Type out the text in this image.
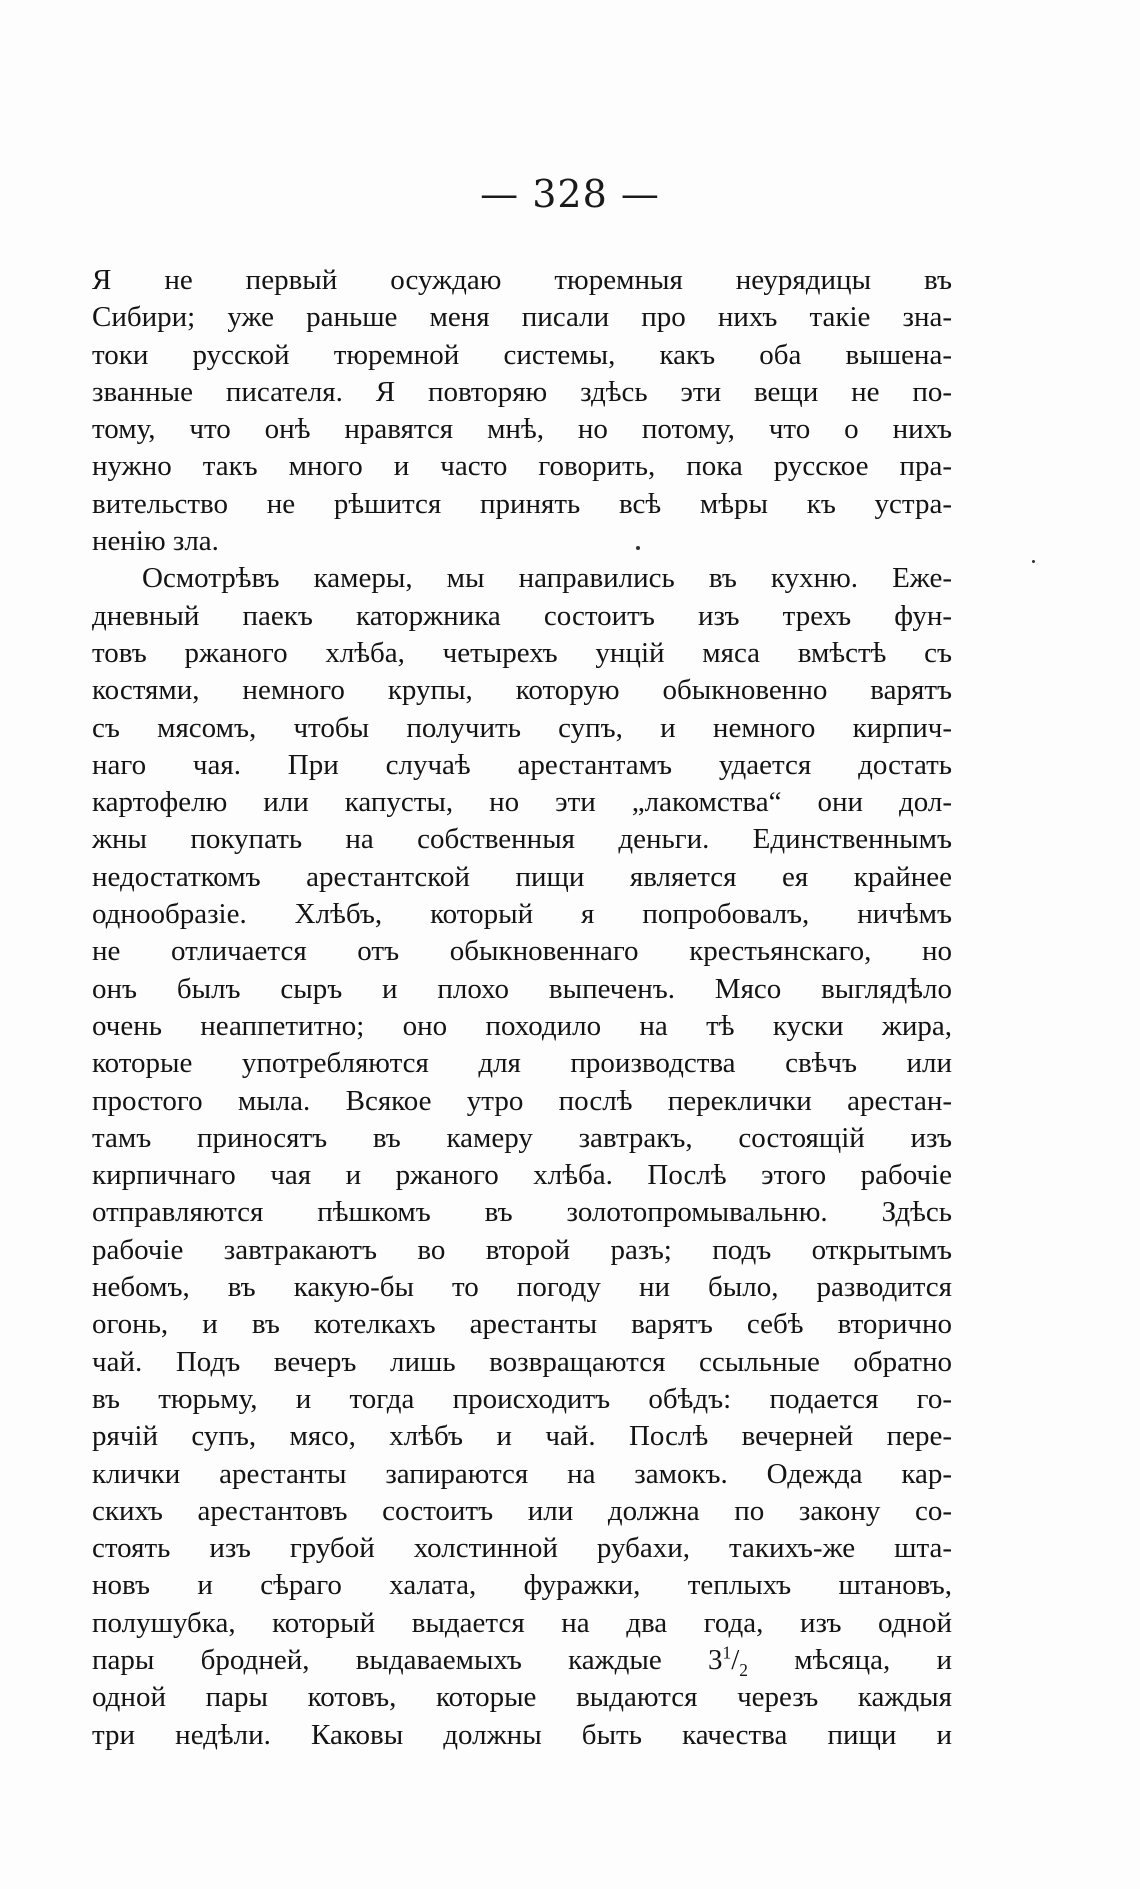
— 328 —
Я не первый осуждаю тюремныя неурядицы въ
Сибири; уже раньше меня писали про нихъ такіе зна-
токи русской тюремной системы, какъ оба вышена-
званные писателя. Я повторяю здѣсь эти вещи не по-
тому, что онѣ нравятся мнѣ, но потому, что о нихъ
нужно такъ много и часто говорить, пока русское пра-
вительство не рѣшится принять всѣ мѣры къ устра-
ненію зла.
Осмотрѣвъ камеры, мы направились въ кухню. Еже-
дневный паекъ каторжника состоитъ изъ трехъ фун-
товъ ржаного хлѣба, четырехъ унцій мяса вмѣстѣ съ
костями, немного крупы, которую обыкновенно варятъ
съ мясомъ, чтобы получить супъ, и немного кирпич-
наго чая. При случаѣ арестантамъ удается достать
картофелю или капусты, но эти „лакомства“ они дол-
жны покупать на собственныя деньги. Единственнымъ
недостаткомъ арестантской пищи является ея крайнее
однообразіе. Хлѣбъ, который я попробовалъ, ничѣмъ
не отличается отъ обыкновеннаго крестьянскаго, но
онъ былъ сыръ и плохо выпеченъ. Мясо выглядѣло
очень неаппетитно; оно походило на тѣ куски жира,
которые употребляются для производства свѣчъ или
простого мыла. Всякое утро послѣ переклички арестан-
тамъ приносятъ въ камеру завтракъ, состоящій изъ
кирпичнаго чая и ржаного хлѣба. Послѣ этого рабочіе
отправляются пѣшкомъ въ золотопромывальню. Здѣсь
рабочіе завтракаютъ во второй разъ; подъ открытымъ
небомъ, въ какую-бы то погоду ни было, разводится
огонь, и въ котелкахъ арестанты варятъ себѣ вторично
чай. Подъ вечеръ лишь возвращаются ссыльные обратно
въ тюрьму, и тогда происходитъ обѣдъ: подается го-
рячій супъ, мясо, хлѣбъ и чай. Послѣ вечерней пере-
клички арестанты запираются на замокъ. Одежда кар-
скихъ арестантовъ состоитъ или должна по закону со-
стоять изъ грубой холстинной рубахи, такихъ-же шта-
новъ и сѣраго халата, фуражки, теплыхъ штановъ,
полушубка, который выдается на два года, изъ одной
пары бродней, выдаваемыхъ каждые $3^1/_2$ мѣсяца, и
одной пары котовъ, которые выдаются черезъ каждыя
три недѣли. Каковы должны быть качества пищи и
